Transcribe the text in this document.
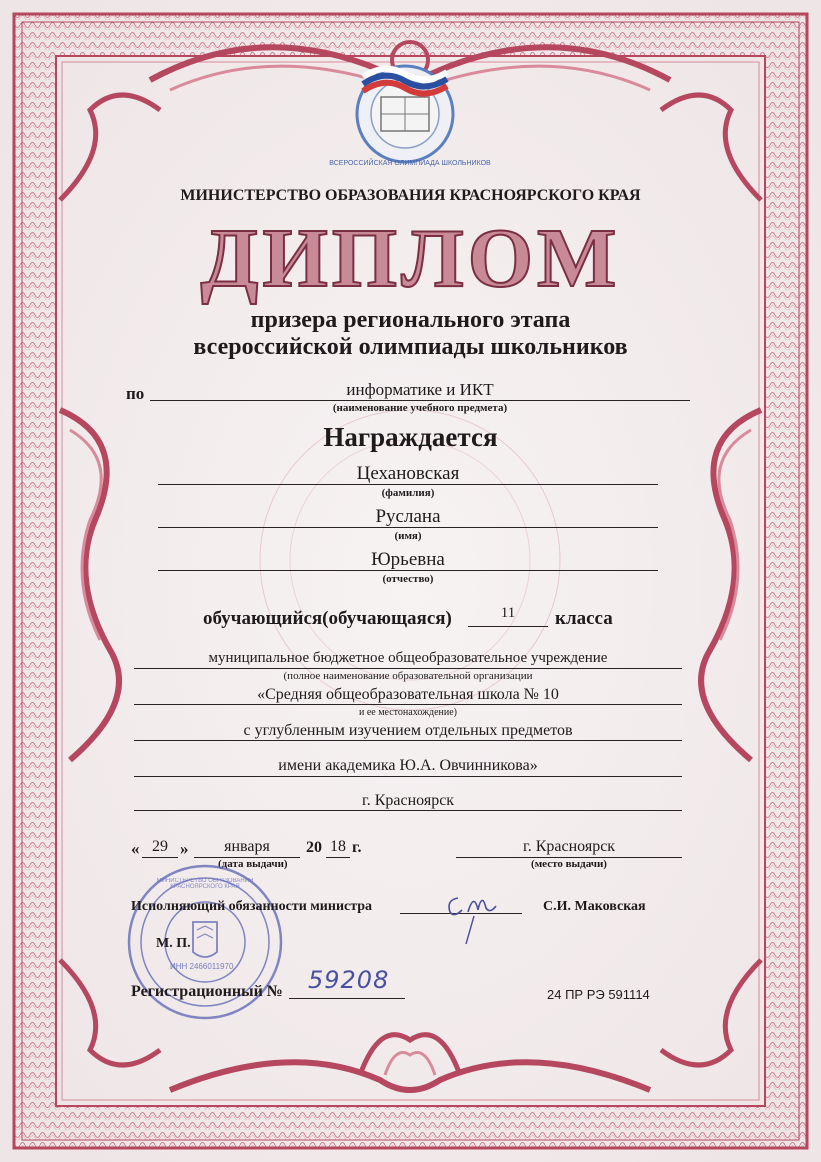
ВСЕРОССИЙСКАЯ ОЛИМПИАДА ШКОЛЬНИКОВ
МИНИСТЕРСТВО ОБРАЗОВАНИЯ КРАСНОЯРСКОГО КРАЯ
ДИПЛОМ
призера регионального этапа
всероссийской олимпиады школьников
по	информатике и ИКТ
(наименование учебного предмета)
Награждается
Цехановская
(фамилия)
Руслана
(имя)
Юрьевна
(отчество)
обучающийся(обучающаяся)	11	класса
муниципальное бюджетное общеобразовательное учреждение
(полное наименование образовательной организации
«Средняя общеобразовательная школа № 10
и ее местонахождение)
с углубленным изучением отдельных предметов
имени академика Ю.А. Овчинникова»
г. Красноярск
« 29 »	января	20 18 г.
(дата выдачи)
г. Красноярск
(место выдачи)
МИНИСТЕРСТВО ОБРАЗОВАНИЯ КРАСНОЯРСКОГО КРАЯ
ИНН 2466011970
Исполняющий обязанности министра	С.И. Маковская
М. П.
Регистрационный № 59208
24 ПР РЭ 591114
